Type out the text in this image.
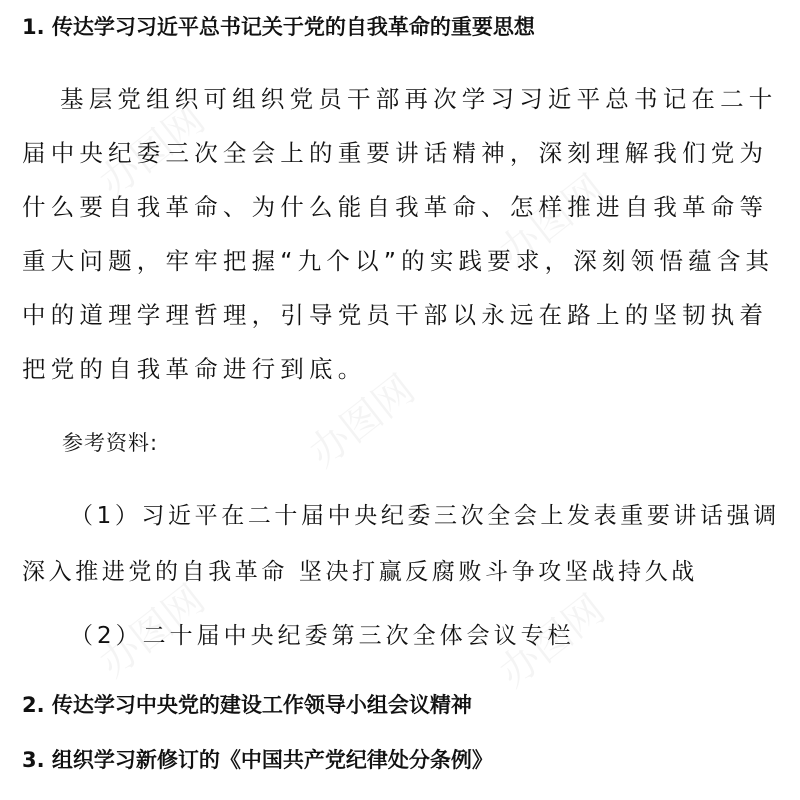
1. 传达学习习近平总书记关于党的自我革命的重要思想
基层党组织可组织党员干部再次学习习近平总书记在二十届中央纪委三次全会上的重要讲话精神，深刻理解我们党为什么要自我革命、为什么能自我革命、怎样推进自我革命等重大问题，牢牢把握“九个以”的实践要求，深刻领悟蕴含其中的道理学理哲理，引导党员干部以永远在路上的坚韧执着把党的自我革命进行到底。
参考资料:
（1）习近平在二十届中央纪委三次全会上发表重要讲话强调深入推进党的自我革命 坚决打赢反腐败斗争攻坚战持久战
（2）二十届中央纪委第三次全体会议专栏
2. 传达学习中央党的建设工作领导小组会议精神
3. 组织学习新修订的《中国共产党纪律处分条例》
